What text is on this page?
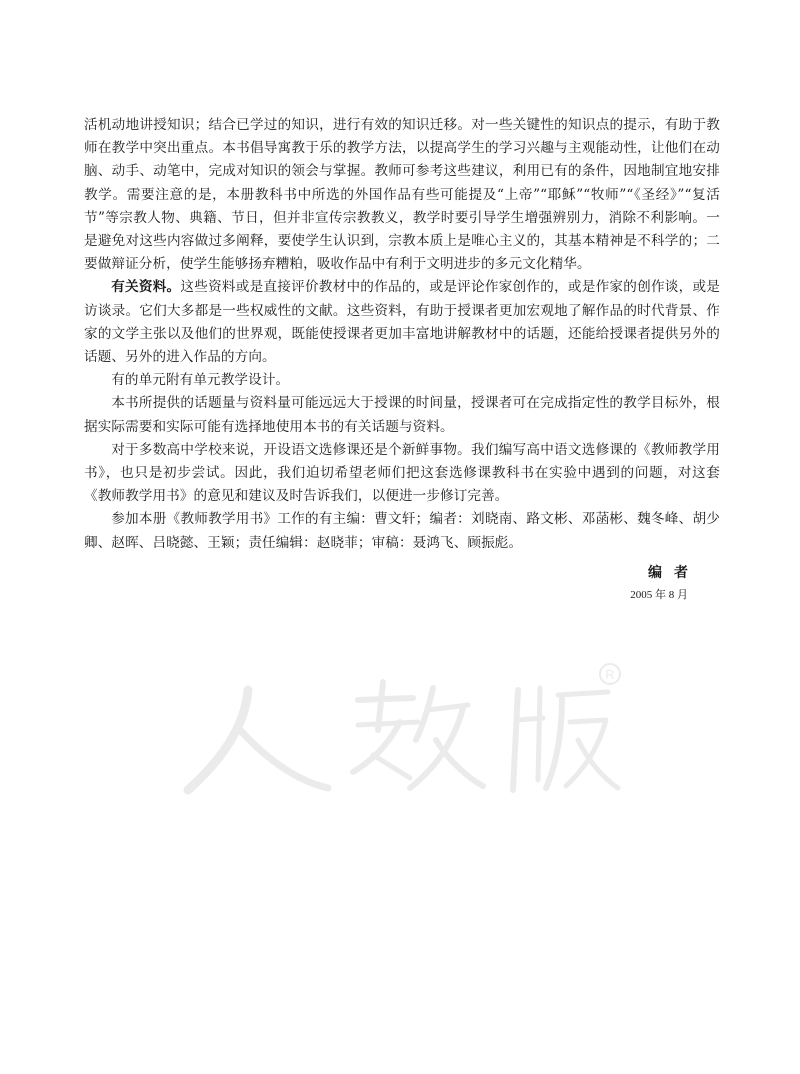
活机动地讲授知识；结合已学过的知识，进行有效的知识迁移。对一些关键性的知识点的提示，有助于教师在教学中突出重点。本书倡导寓教于乐的教学方法，以提高学生的学习兴趣与主观能动性，让他们在动脑、动手、动笔中，完成对知识的领会与掌握。教师可参考这些建议，利用已有的条件，因地制宜地安排教学。需要注意的是，本册教科书中所选的外国作品有些可能提及“上帝”“耶稣”“牧师”“《圣经》”“复活节”等宗教人物、典籍、节日，但并非宣传宗教教义，教学时要引导学生增强辨别力，消除不利影响。一是避免对这些内容做过多阐释，要使学生认识到，宗教本质上是唯心主义的，其基本精神是不科学的；二要做辩证分析，使学生能够扬弃糟粕，吸收作品中有利于文明进步的多元文化精华。

有关资料。这些资料或是直接评价教材中的作品的，或是评论作家创作的，或是作家的创作谈，或是访谈录。它们大多都是一些权威性的文献。这些资料，有助于授课者更加宏观地了解作品的时代背景、作家的文学主张以及他们的世界观，既能使授课者更加丰富地讲解教材中的话题，还能给授课者提供另外的话题、另外的进入作品的方向。

有的单元附有单元教学设计。

本书所提供的话题量与资料量可能远远大于授课的时间量，授课者可在完成指定性的教学目标外，根据实际需要和实际可能有选择地使用本书的有关话题与资料。

对于多数高中学校来说，开设语文选修课还是个新鲜事物。我们编写高中语文选修课的《教师教学用书》，也只是初步尝试。因此，我们迫切希望老师们把这套选修课教科书在实验中遇到的问题，对这套《教师教学用书》的意见和建议及时告诉我们，以便进一步修订完善。

参加本册《教师教学用书》工作的有主编：曹文轩；编者：刘晓南、路文彬、邓菡彬、魏冬峰、胡少卿、赵晖、吕晓懿、王颖；责任编辑：赵晓菲；审稿：聂鸿飞、顾振彪。

编者
2005 年 8 月
R
